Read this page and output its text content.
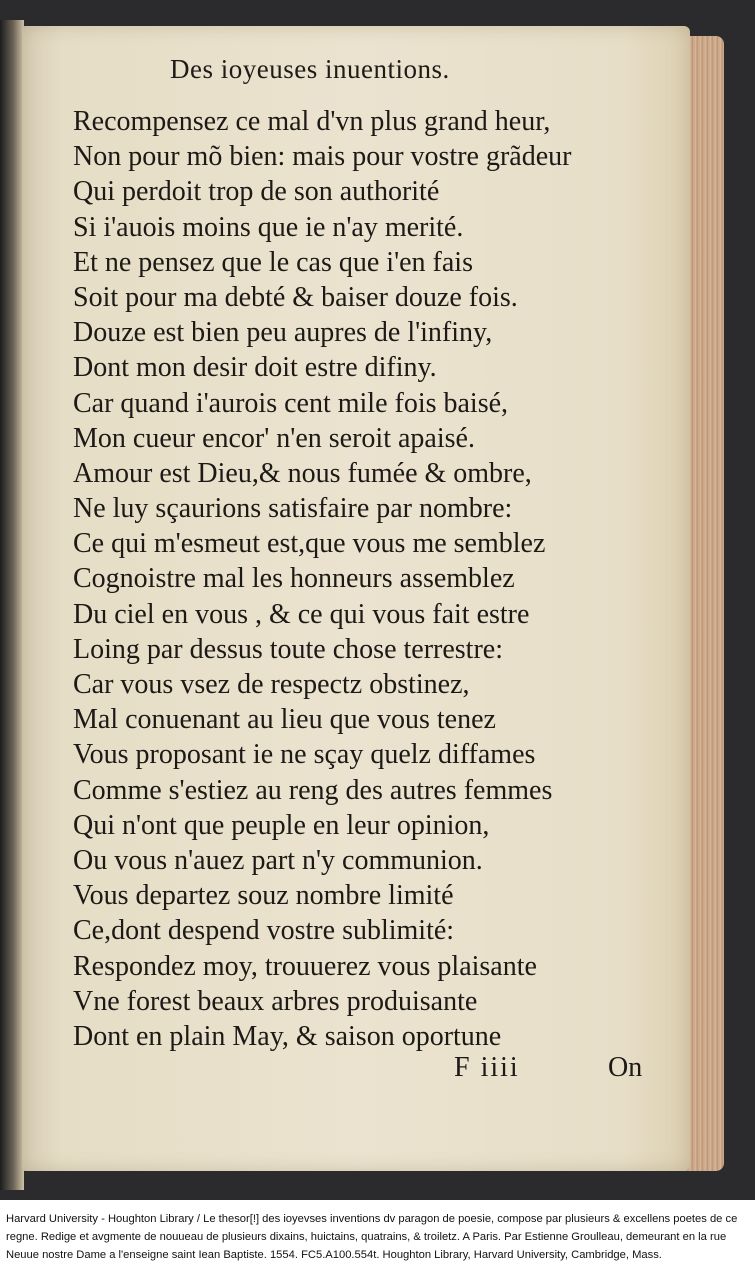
Des ioyeuses inuentions.
Recompensez ce mal d'vn plus grand heur,
Non pour mõ bien: mais pour vostre grãdeur
Qui perdoit trop de son authorité
Si i'auois moins que ie n'ay merité.
Et ne pensez que le cas que i'en fais
Soit pour ma debté & baiser douze fois.
Douze est bien peu aupres de l'infiny,
Dont mon desir doit estre difiny.
Car quand i'aurois cent mile fois baisé,
Mon cueur encor' n'en seroit apaisé.
Amour est Dieu,& nous fumée & ombre,
Ne luy sçaurions satisfaire par nombre:
Ce qui m'esmeut est,que vous me semblez
Cognoistre mal les honneurs assemblez
Du ciel en vous , & ce qui vous fait estre
Loing par dessus toute chose terrestre:
Car vous vsez de respectz obstinez,
Mal conuenant au lieu que vous tenez
Vous proposant ie ne sçay quelz diffames
Comme s'estiez au reng des autres femmes
Qui n'ont que peuple en leur opinion,
Ou vous n'auez part n'y communion.
Vous departez souz nombre limité
Ce,dont despend vostre sublimité:
Respondez moy, trouuerez vous plaisante
Vne forest beaux arbres produisante
Dont en plain May, & saison oportune
F iiii	On
Harvard University - Houghton Library / Le thesor[!] des ioyevses inventions dv paragon de poesie, compose par plusieurs & excellens poetes de ce regne. Redige et avgmente de nouueau de plusieurs dixains, huictains, quatrains, & troiletz. A Paris. Par Estienne Groulleau, demeurant en la rue Neuue nostre Dame a l'enseigne saint Iean Baptiste. 1554. FC5.A100.554t. Houghton Library, Harvard University, Cambridge, Mass.
